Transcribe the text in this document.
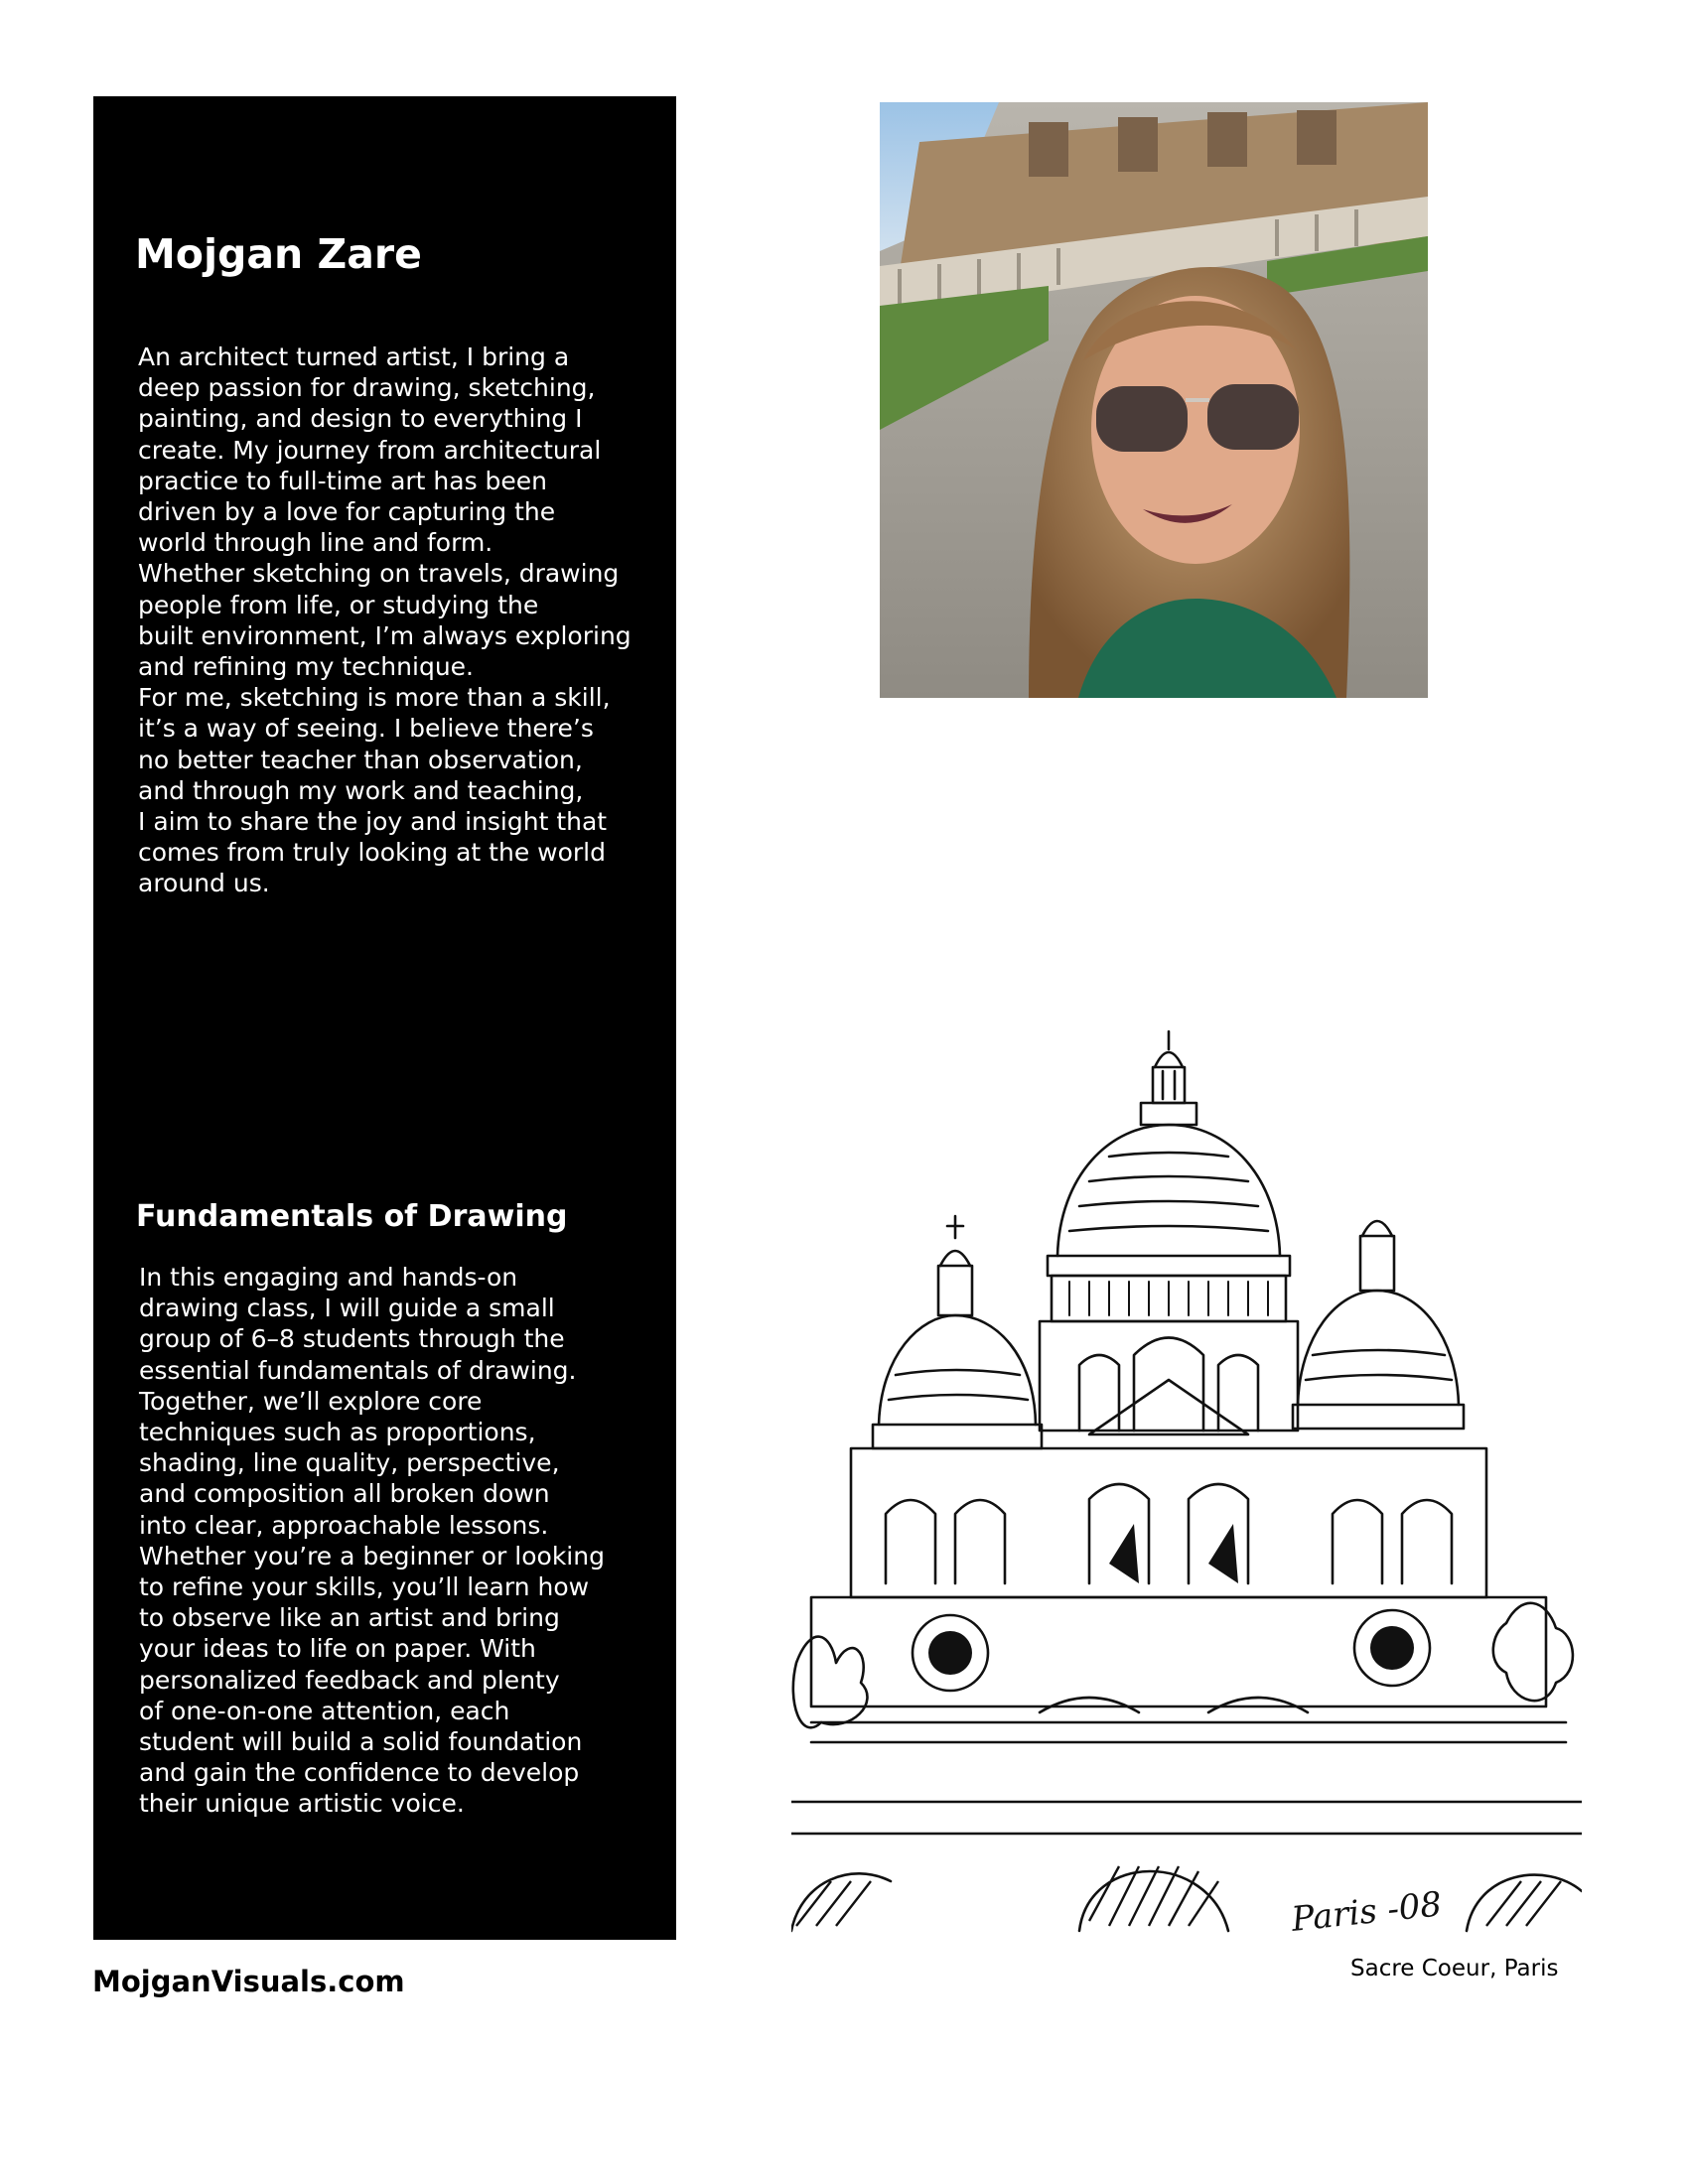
Mojgan Zare
An architect turned artist, I bring a
deep passion for drawing, sketching,
painting, and design to everything I
create. My journey from architectural
practice to full-time art has been
driven by a love for capturing the
world through line and form.
Whether sketching on travels, drawing
people from life, or studying the
built environment, I’m always exploring
and refining my technique.
For me, sketching is more than a skill,
it’s a way of seeing. I believe there’s
no better teacher than observation,
and through my work and teaching,
I aim to share the joy and insight that
comes from truly looking at the world
around us.
Fundamentals of Drawing
In this engaging and hands-on
drawing class, I will guide a small
group of 6–8 students through the
essential fundamentals of drawing.
Together, we’ll explore core
techniques such as proportions,
shading, line quality, perspective,
and composition all broken down
into clear, approachable lessons.
Whether you’re a beginner or looking
to refine your skills, you’ll learn how
to observe like an artist and bring
your ideas to life on paper. With
personalized feedback and plenty
of one-on-one attention, each
student will build a solid foundation
and gain the confidence to develop
their unique artistic voice.

MojganVisuals.com

Paris -08

Sacre Coeur, Paris
